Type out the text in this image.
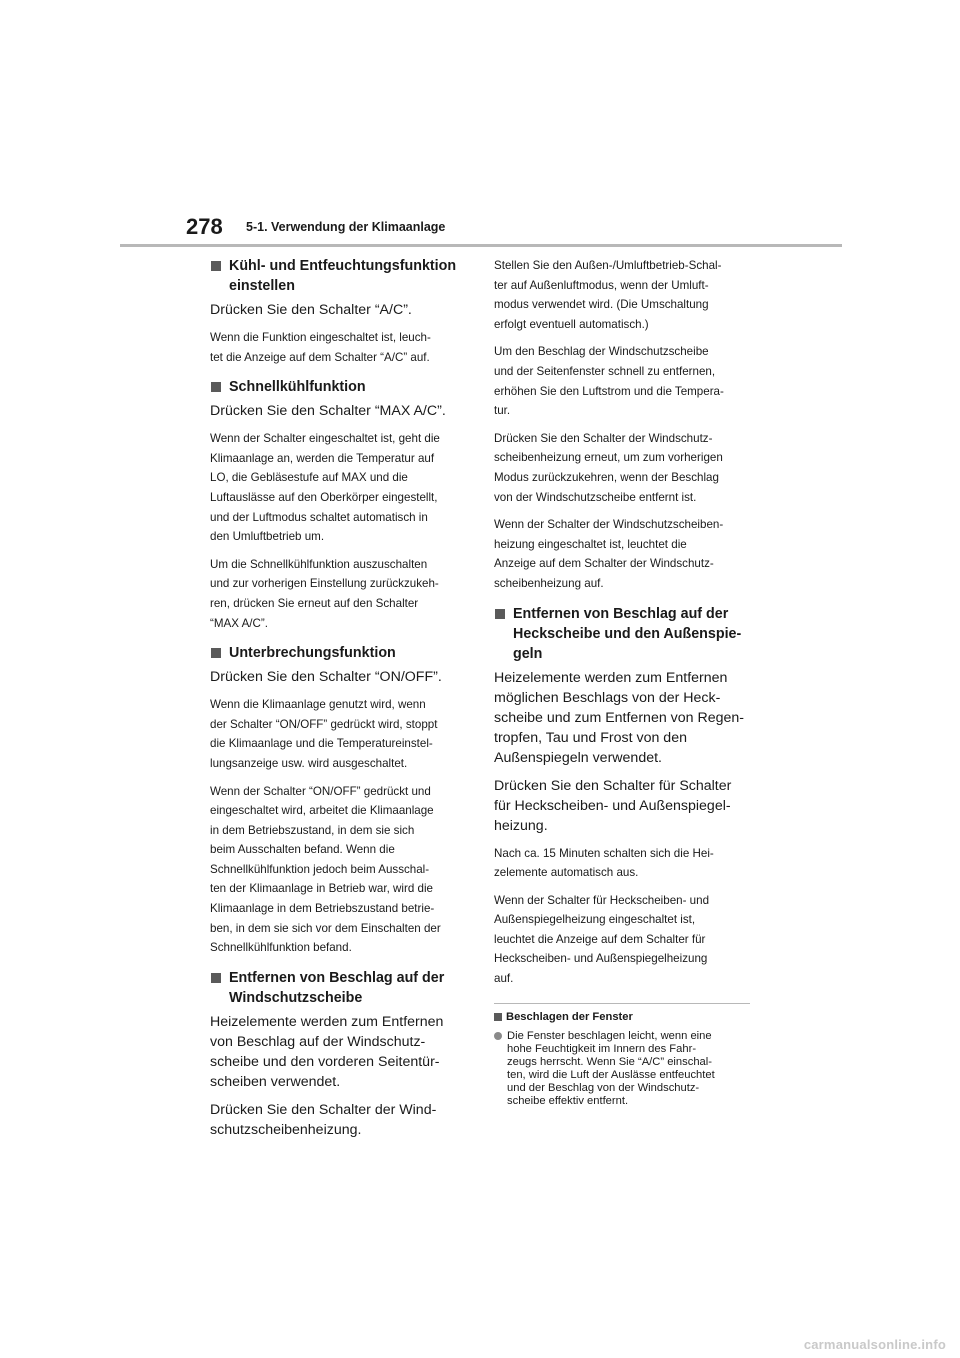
278 5-1. Verwendung der Klimaanlage
Kühl- und Entfeuchtungsfunktion
einstellen
Drücken Sie den Schalter “A/C”.
Wenn die Funktion eingeschaltet ist, leuch-
tet die Anzeige auf dem Schalter “A/C” auf.
Schnellkühlfunktion
Drücken Sie den Schalter “MAX A/C”.
Wenn der Schalter eingeschaltet ist, geht die
Klimaanlage an, werden die Temperatur auf
LO, die Gebläsestufe auf MAX und die
Luftauslässe auf den Oberkörper eingestellt,
und der Luftmodus schaltet automatisch in
den Umluftbetrieb um.
Um die Schnellkühlfunktion auszuschalten
und zur vorherigen Einstellung zurückzukeh-
ren, drücken Sie erneut auf den Schalter
“MAX A/C”.
Unterbrechungsfunktion
Drücken Sie den Schalter “ON/OFF”.
Wenn die Klimaanlage genutzt wird, wenn
der Schalter “ON/OFF” gedrückt wird, stoppt
die Klimaanlage und die Temperatureinstel-
lungsanzeige usw. wird ausgeschaltet.
Wenn der Schalter “ON/OFF” gedrückt und
eingeschaltet wird, arbeitet die Klimaanlage
in dem Betriebszustand, in dem sie sich
beim Ausschalten befand. Wenn die
Schnellkühlfunktion jedoch beim Ausschal-
ten der Klimaanlage in Betrieb war, wird die
Klimaanlage in dem Betriebszustand betrie-
ben, in dem sie sich vor dem Einschalten der
Schnellkühlfunktion befand.
Entfernen von Beschlag auf der
Windschutzscheibe
Heizelemente werden zum Entfernen
von Beschlag auf der Windschutz-
scheibe und den vorderen Seitentür-
scheiben verwendet.
Drücken Sie den Schalter der Wind-
schutzscheibenheizung.
Stellen Sie den Außen-/Umluftbetrieb-Schal-
ter auf Außenluftmodus, wenn der Umluft-
modus verwendet wird. (Die Umschaltung
erfolgt eventuell automatisch.)
Um den Beschlag der Windschutzscheibe
und der Seitenfenster schnell zu entfernen,
erhöhen Sie den Luftstrom und die Tempera-
tur.
Drücken Sie den Schalter der Windschutz-
scheibenheizung erneut, um zum vorherigen
Modus zurückzukehren, wenn der Beschlag
von der Windschutzscheibe entfernt ist.
Wenn der Schalter der Windschutzscheiben-
heizung eingeschaltet ist, leuchtet die
Anzeige auf dem Schalter der Windschutz-
scheibenheizung auf.
Entfernen von Beschlag auf der
Heckscheibe und den Außenspie-
geln
Heizelemente werden zum Entfernen
möglichen Beschlags von der Heck-
scheibe und zum Entfernen von Regen-
tropfen, Tau und Frost von den
Außenspiegeln verwendet.
Drücken Sie den Schalter für Schalter
für Heckscheiben- und Außenspiegel-
heizung.
Nach ca. 15 Minuten schalten sich die Hei-
zelemente automatisch aus.
Wenn der Schalter für Heckscheiben- und
Außenspiegelheizung eingeschaltet ist,
leuchtet die Anzeige auf dem Schalter für
Heckscheiben- und Außenspiegelheizung
auf.
Beschlagen der Fenster
Die Fenster beschlagen leicht, wenn eine
hohe Feuchtigkeit im Innern des Fahr-
zeugs herrscht. Wenn Sie “A/C” einschal-
ten, wird die Luft der Auslässe entfeuchtet
und der Beschlag von der Windschutz-
scheibe effektiv entfernt.
carmanualsonline.info
